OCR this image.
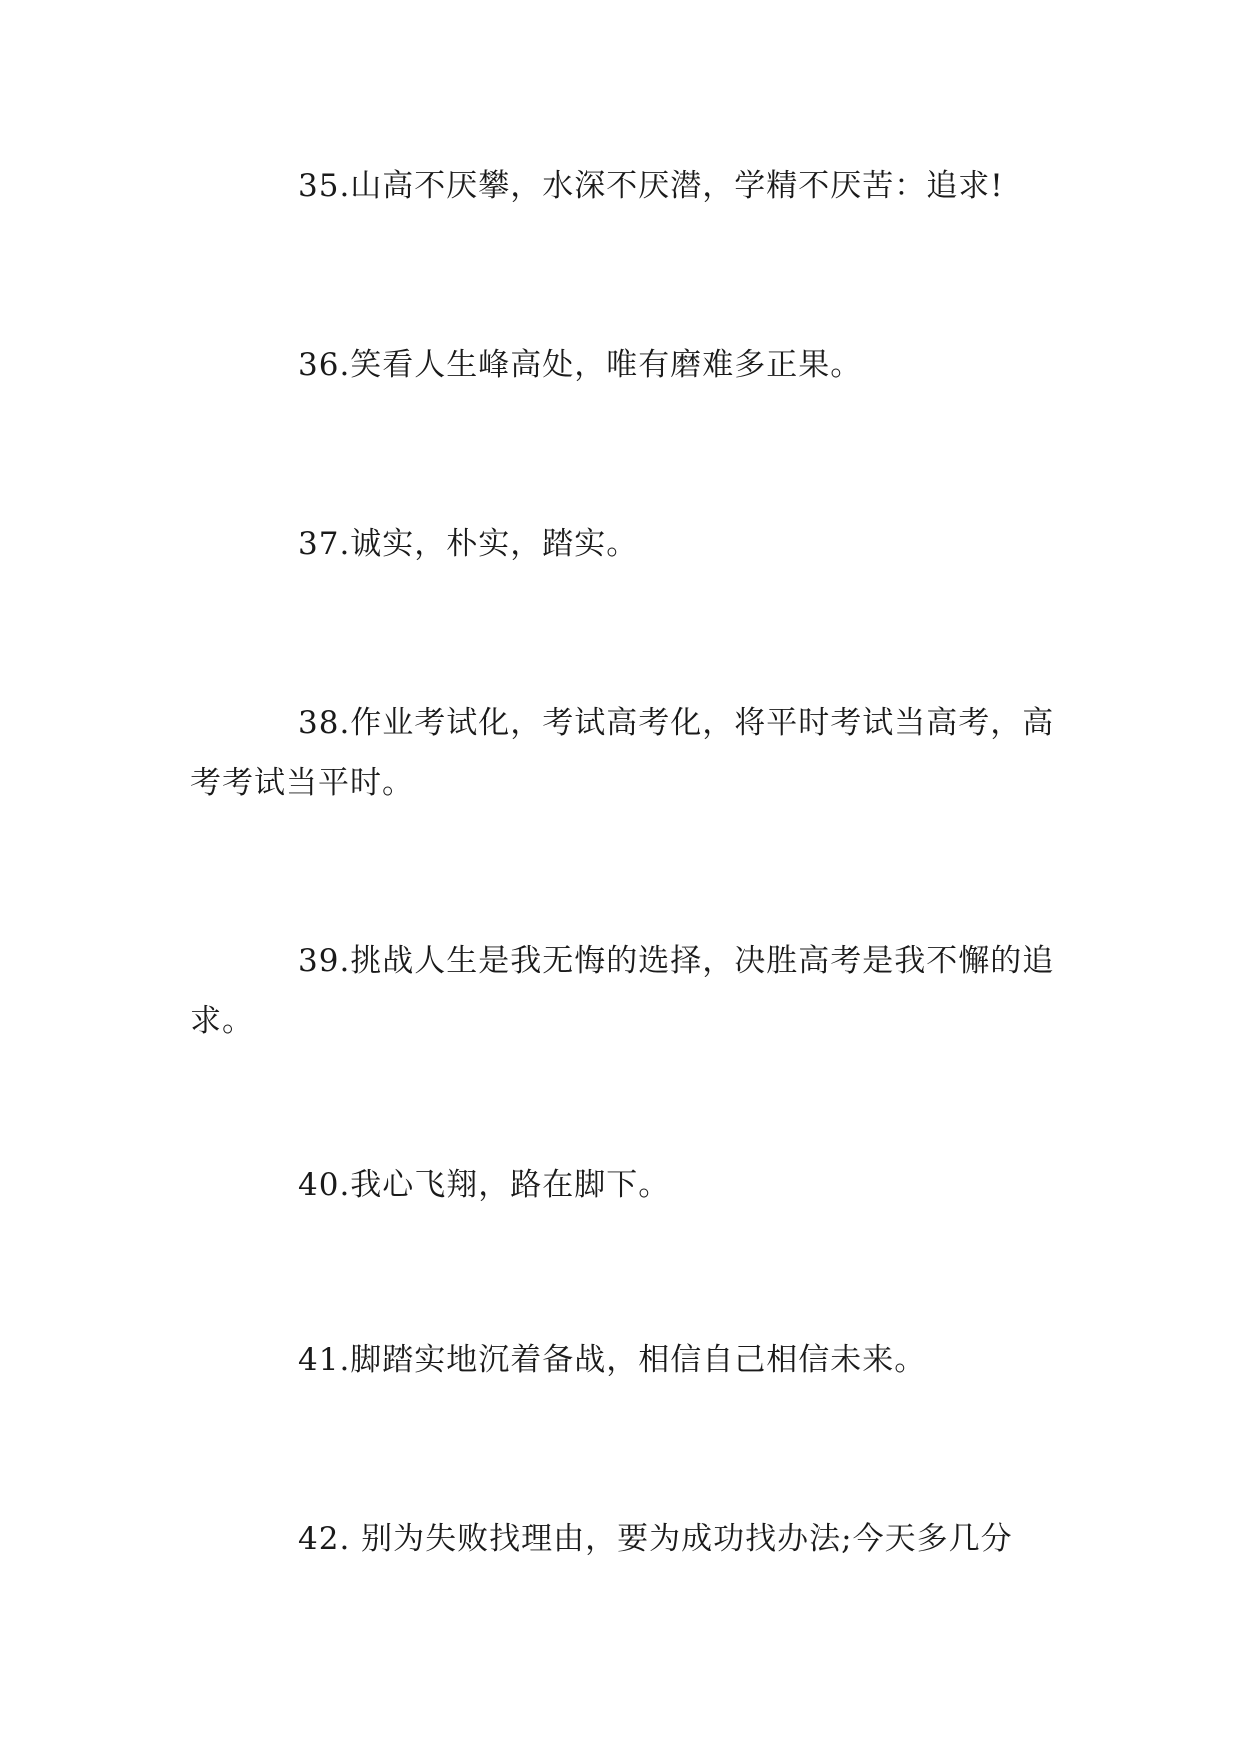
35.山高不厌攀，水深不厌潜，学精不厌苦：追求!

36.笑看人生峰高处，唯有磨难多正果。

37.诚实，朴实，踏实。

38.作业考试化，考试高考化，将平时考试当高考，高考考试当平时。

39.挑战人生是我无悔的选择，决胜高考是我不懈的追求。

40.我心飞翔，路在脚下。

41.脚踏实地沉着备战，相信自己相信未来。

42. 别为失败找理由，要为成功找办法;今天多几分
